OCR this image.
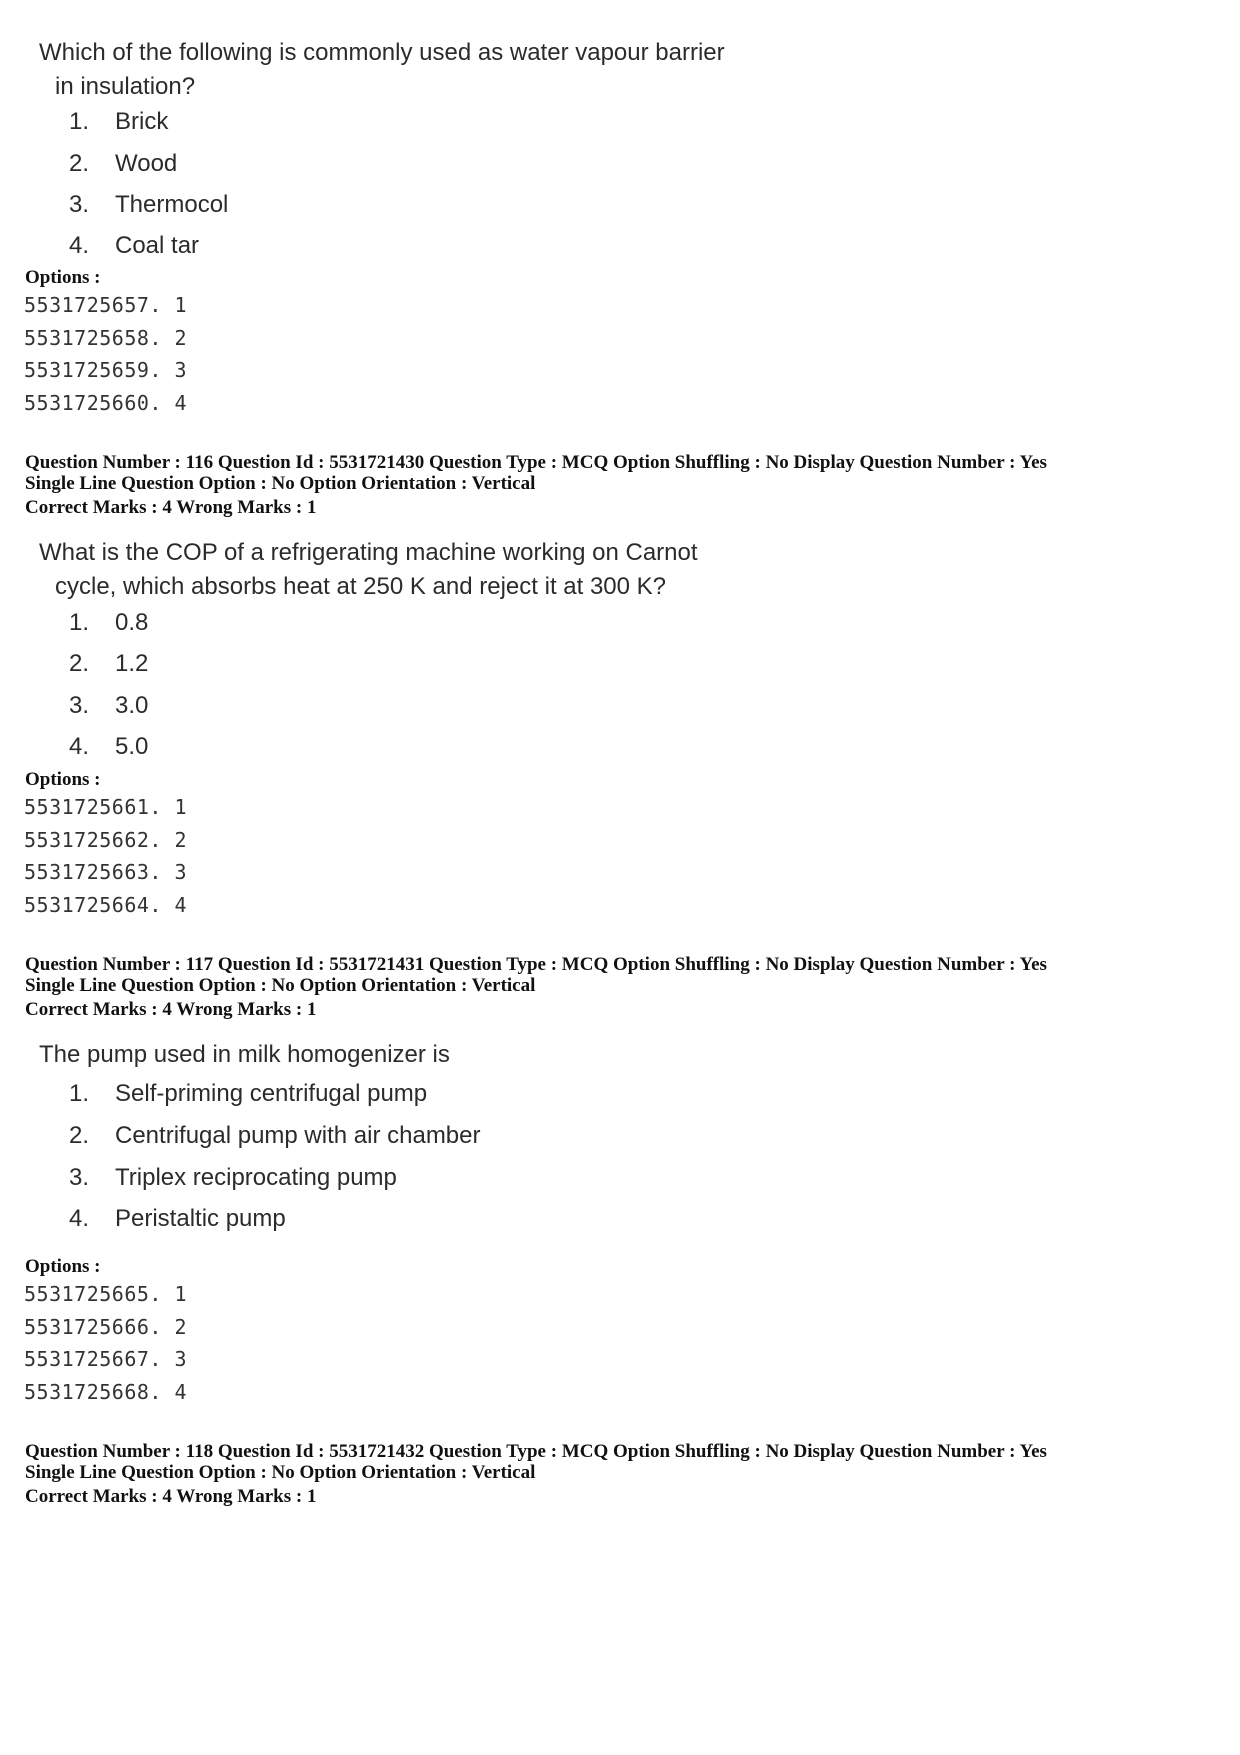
Which of the following is commonly used as water vapour barrier
in insulation?
1. Brick
2. Wood
3. Thermocol
4. Coal tar
Options :
5531725657. 1
5531725658. 2
5531725659. 3
5531725660. 4
Question Number : 116 Question Id : 5531721430 Question Type : MCQ Option Shuffling : No Display Question Number : Yes
Single Line Question Option : No Option Orientation : Vertical
Correct Marks : 4 Wrong Marks : 1
What is the COP of a refrigerating machine working on Carnot
cycle, which absorbs heat at 250 K and reject it at 300 K?
1. 0.8
2. 1.2
3. 3.0
4. 5.0
Options :
5531725661. 1
5531725662. 2
5531725663. 3
5531725664. 4
Question Number : 117 Question Id : 5531721431 Question Type : MCQ Option Shuffling : No Display Question Number : Yes
Single Line Question Option : No Option Orientation : Vertical
Correct Marks : 4 Wrong Marks : 1
The pump used in milk homogenizer is
1. Self-priming centrifugal pump
2. Centrifugal pump with air chamber
3. Triplex reciprocating pump
4. Peristaltic pump
Options :
5531725665. 1
5531725666. 2
5531725667. 3
5531725668. 4
Question Number : 118 Question Id : 5531721432 Question Type : MCQ Option Shuffling : No Display Question Number : Yes
Single Line Question Option : No Option Orientation : Vertical
Correct Marks : 4 Wrong Marks : 1
